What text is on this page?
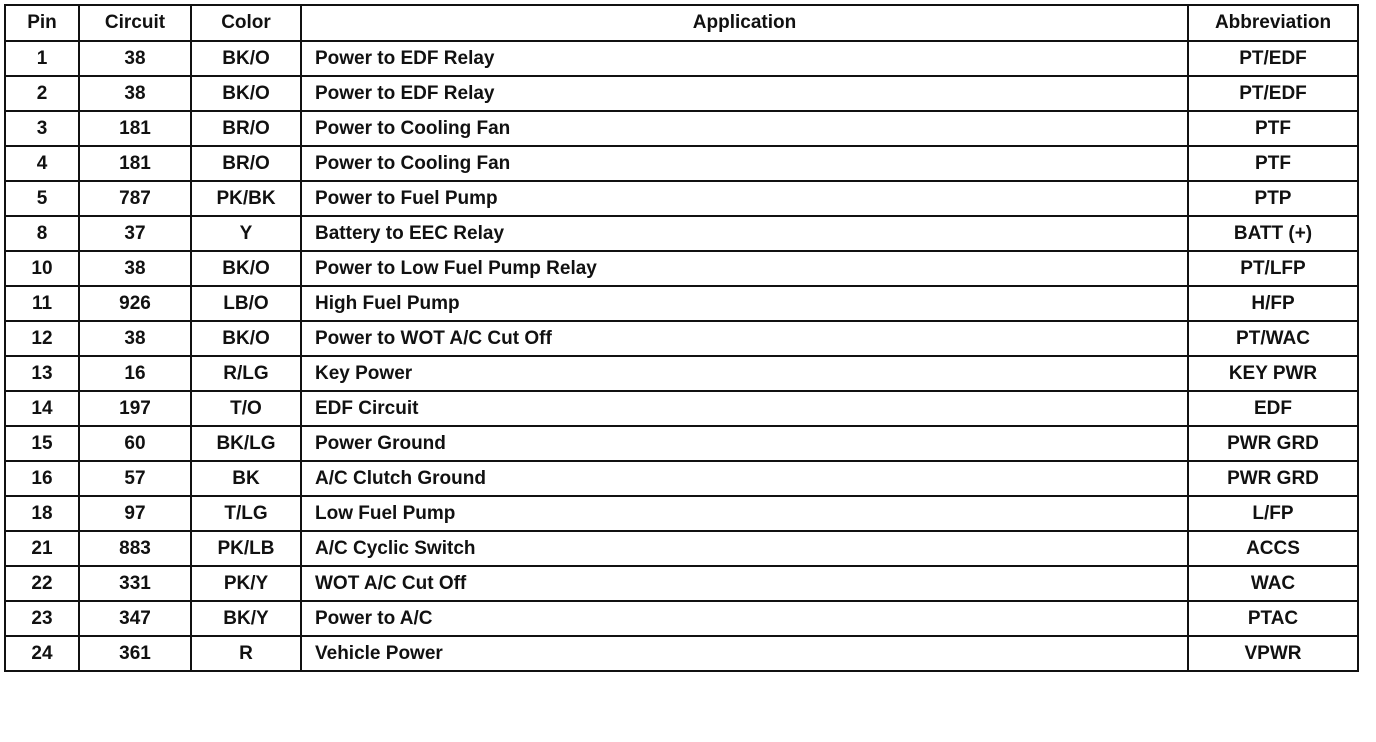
Pin	Circuit	Color	Application	Abbreviation
1	38	BK/O	Power to EDF Relay	PT/EDF
2	38	BK/O	Power to EDF Relay	PT/EDF
3	181	BR/O	Power to Cooling Fan	PTF
4	181	BR/O	Power to Cooling Fan	PTF
5	787	PK/BK	Power to Fuel Pump	PTP
8	37	Y	Battery to EEC Relay	BATT (+)
10	38	BK/O	Power to Low Fuel Pump Relay	PT/LFP
11	926	LB/O	High Fuel Pump	H/FP
12	38	BK/O	Power to WOT A/C Cut Off	PT/WAC
13	16	R/LG	Key Power	KEY PWR
14	197	T/O	EDF Circuit	EDF
15	60	BK/LG	Power Ground	PWR GRD
16	57	BK	A/C Clutch Ground	PWR GRD
18	97	T/LG	Low Fuel Pump	L/FP
21	883	PK/LB	A/C Cyclic Switch	ACCS
22	331	PK/Y	WOT A/C Cut Off	WAC
23	347	BK/Y	Power to A/C	PTAC
24	361	R	Vehicle Power	VPWR
